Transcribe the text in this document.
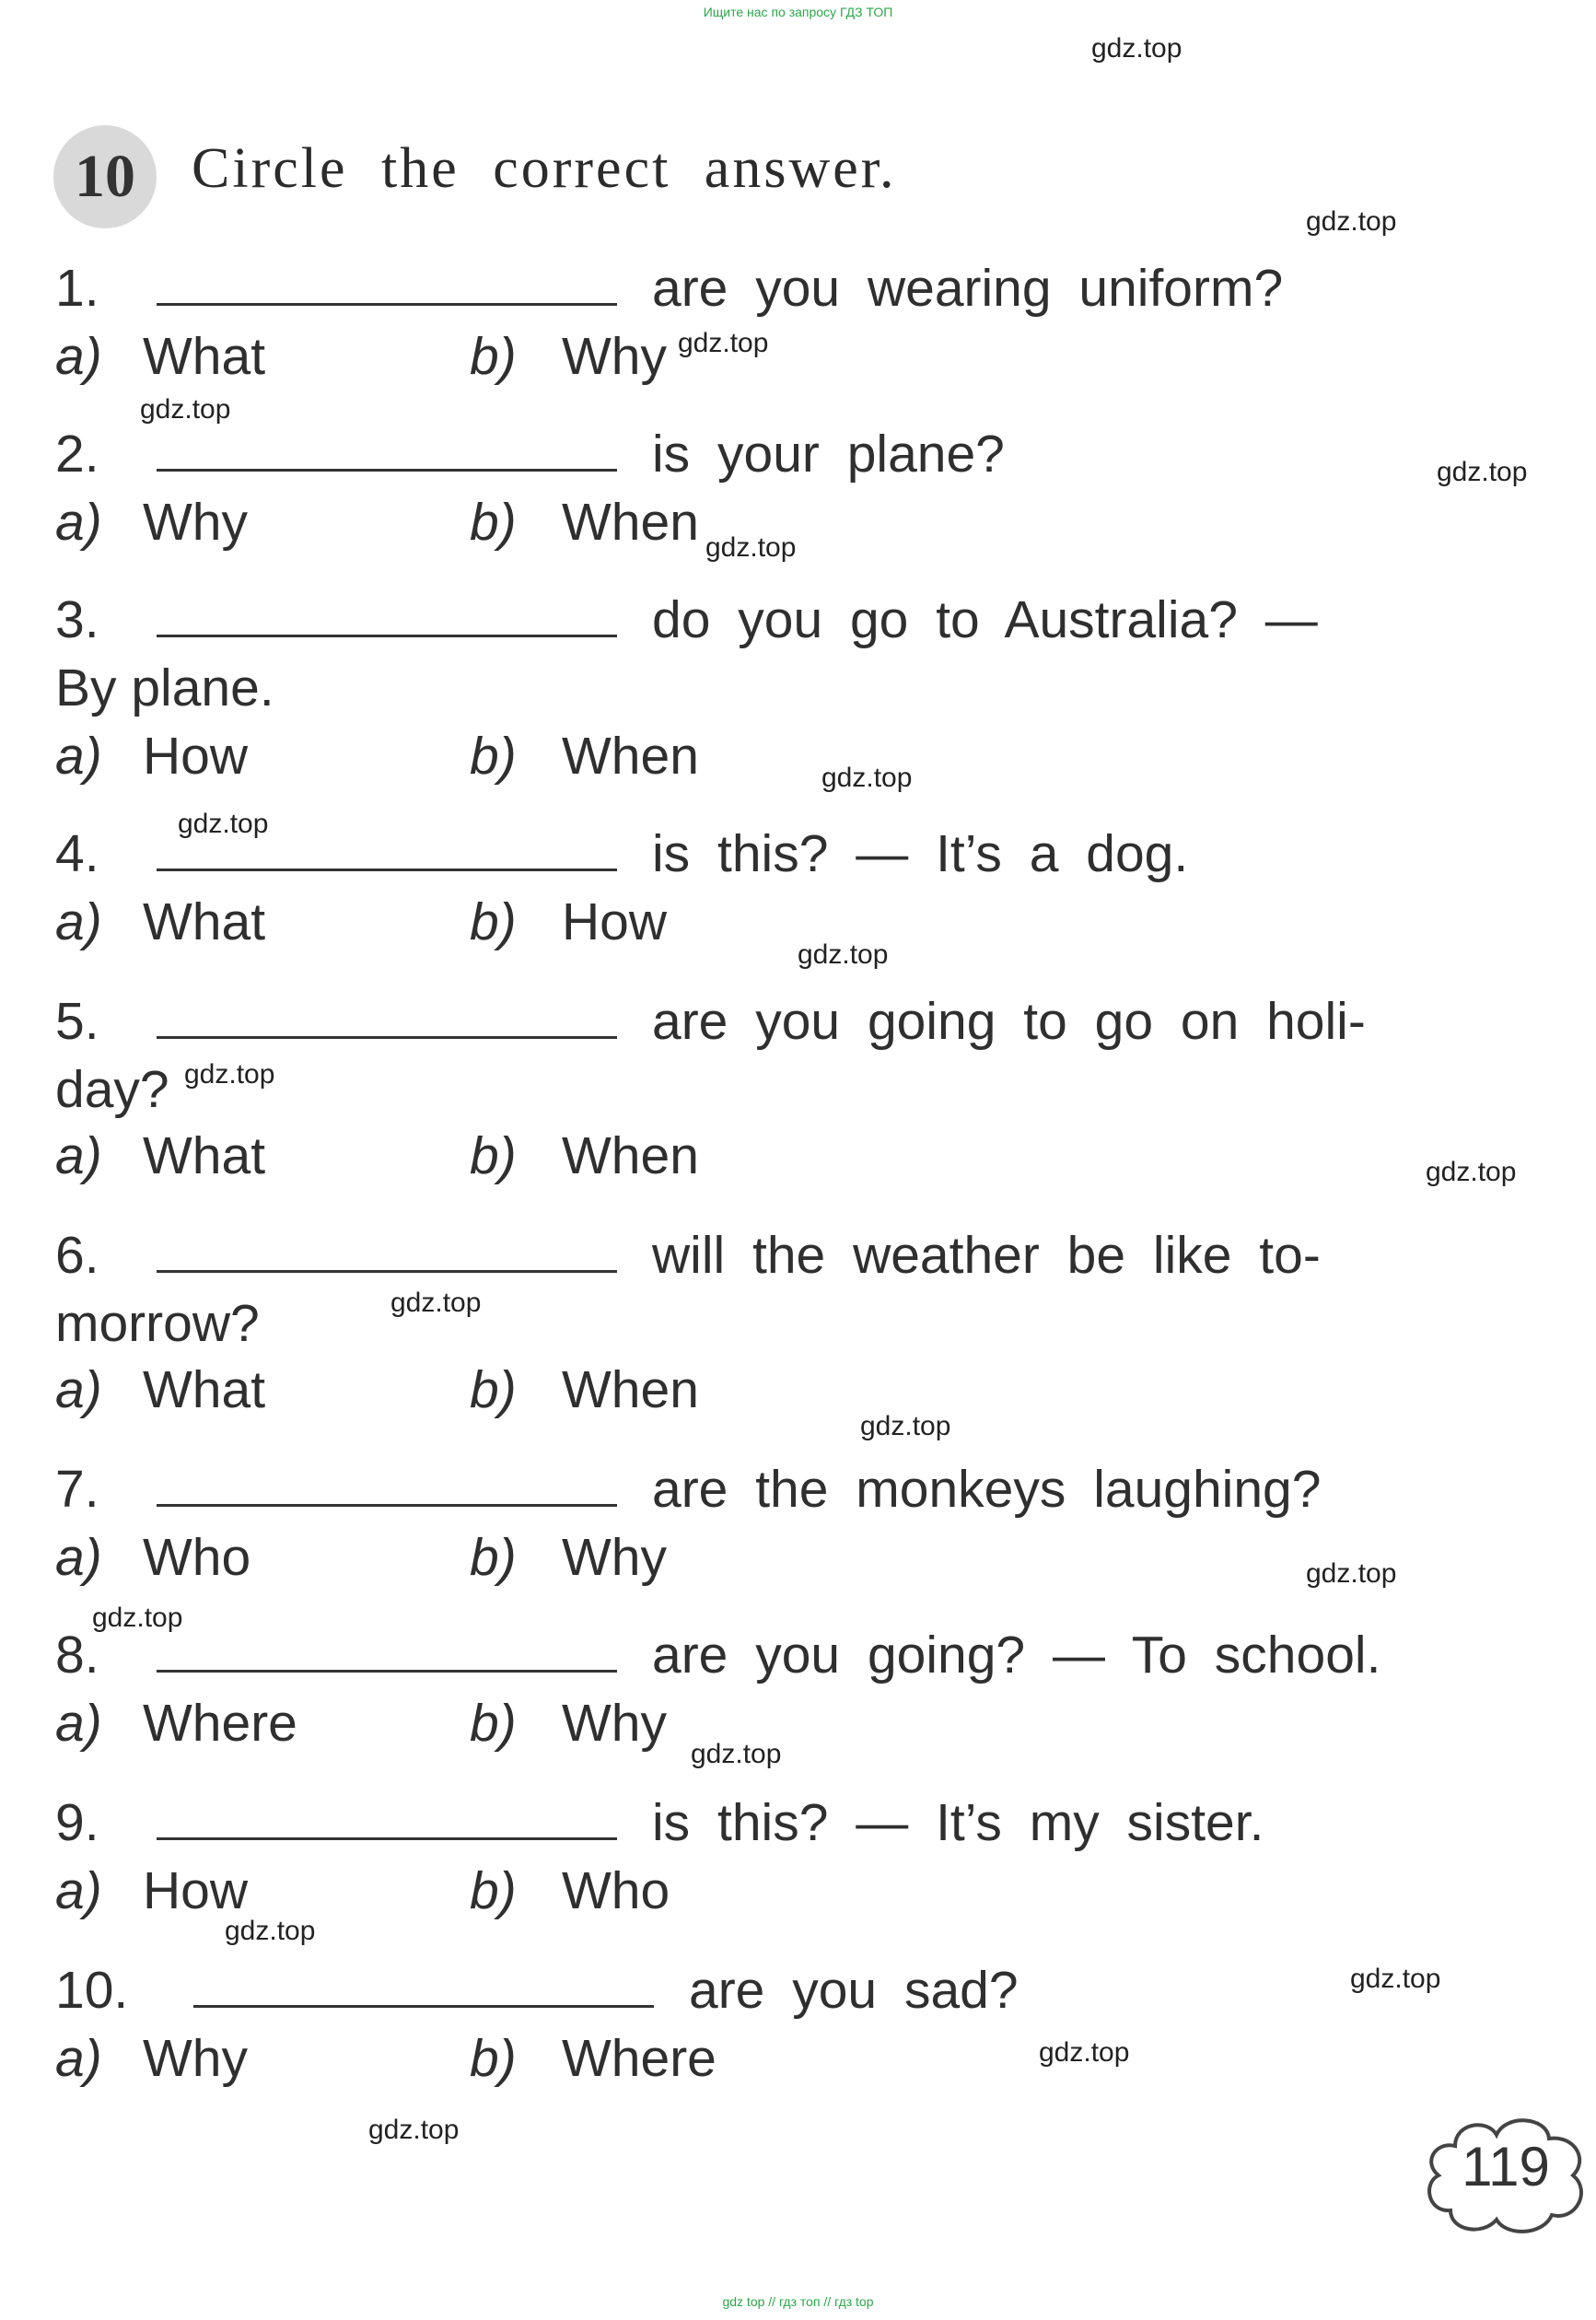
Ищите нас по запросу ГДЗ ТОП
gdz.top
gdz.top
gdz.top
gdz.top
gdz.top
gdz.top
gdz.top
gdz.top
gdz.top
gdz.top
gdz.top
gdz.top
gdz.top
gdz.top
gdz.top
gdz.top
gdz.top
gdz.top
gdz.top
gdz.top
10 Circle the correct answer.
1.	are you wearing uniform?
a) What	b) Why
2.	is your plane?
a) Why	b) When
3.	do you go to Australia? —
By plane.
a) How	b) When
4.	is this? — It’s a dog.
a) What	b) How
5.	are you going to go on holi-
day?
a) What	b) When
6.	will the weather be like to-
morrow?
a) What	b) When
7.	are the monkeys laughing?
a) Who	b) Why
8.	are you going? — To school.
a) Where	b) Why
9.	is this? — It’s my sister.
a) How	b) Who
10.	are you sad?
a) Why	b) Where
119
gdz top // гдз топ // гдз top
